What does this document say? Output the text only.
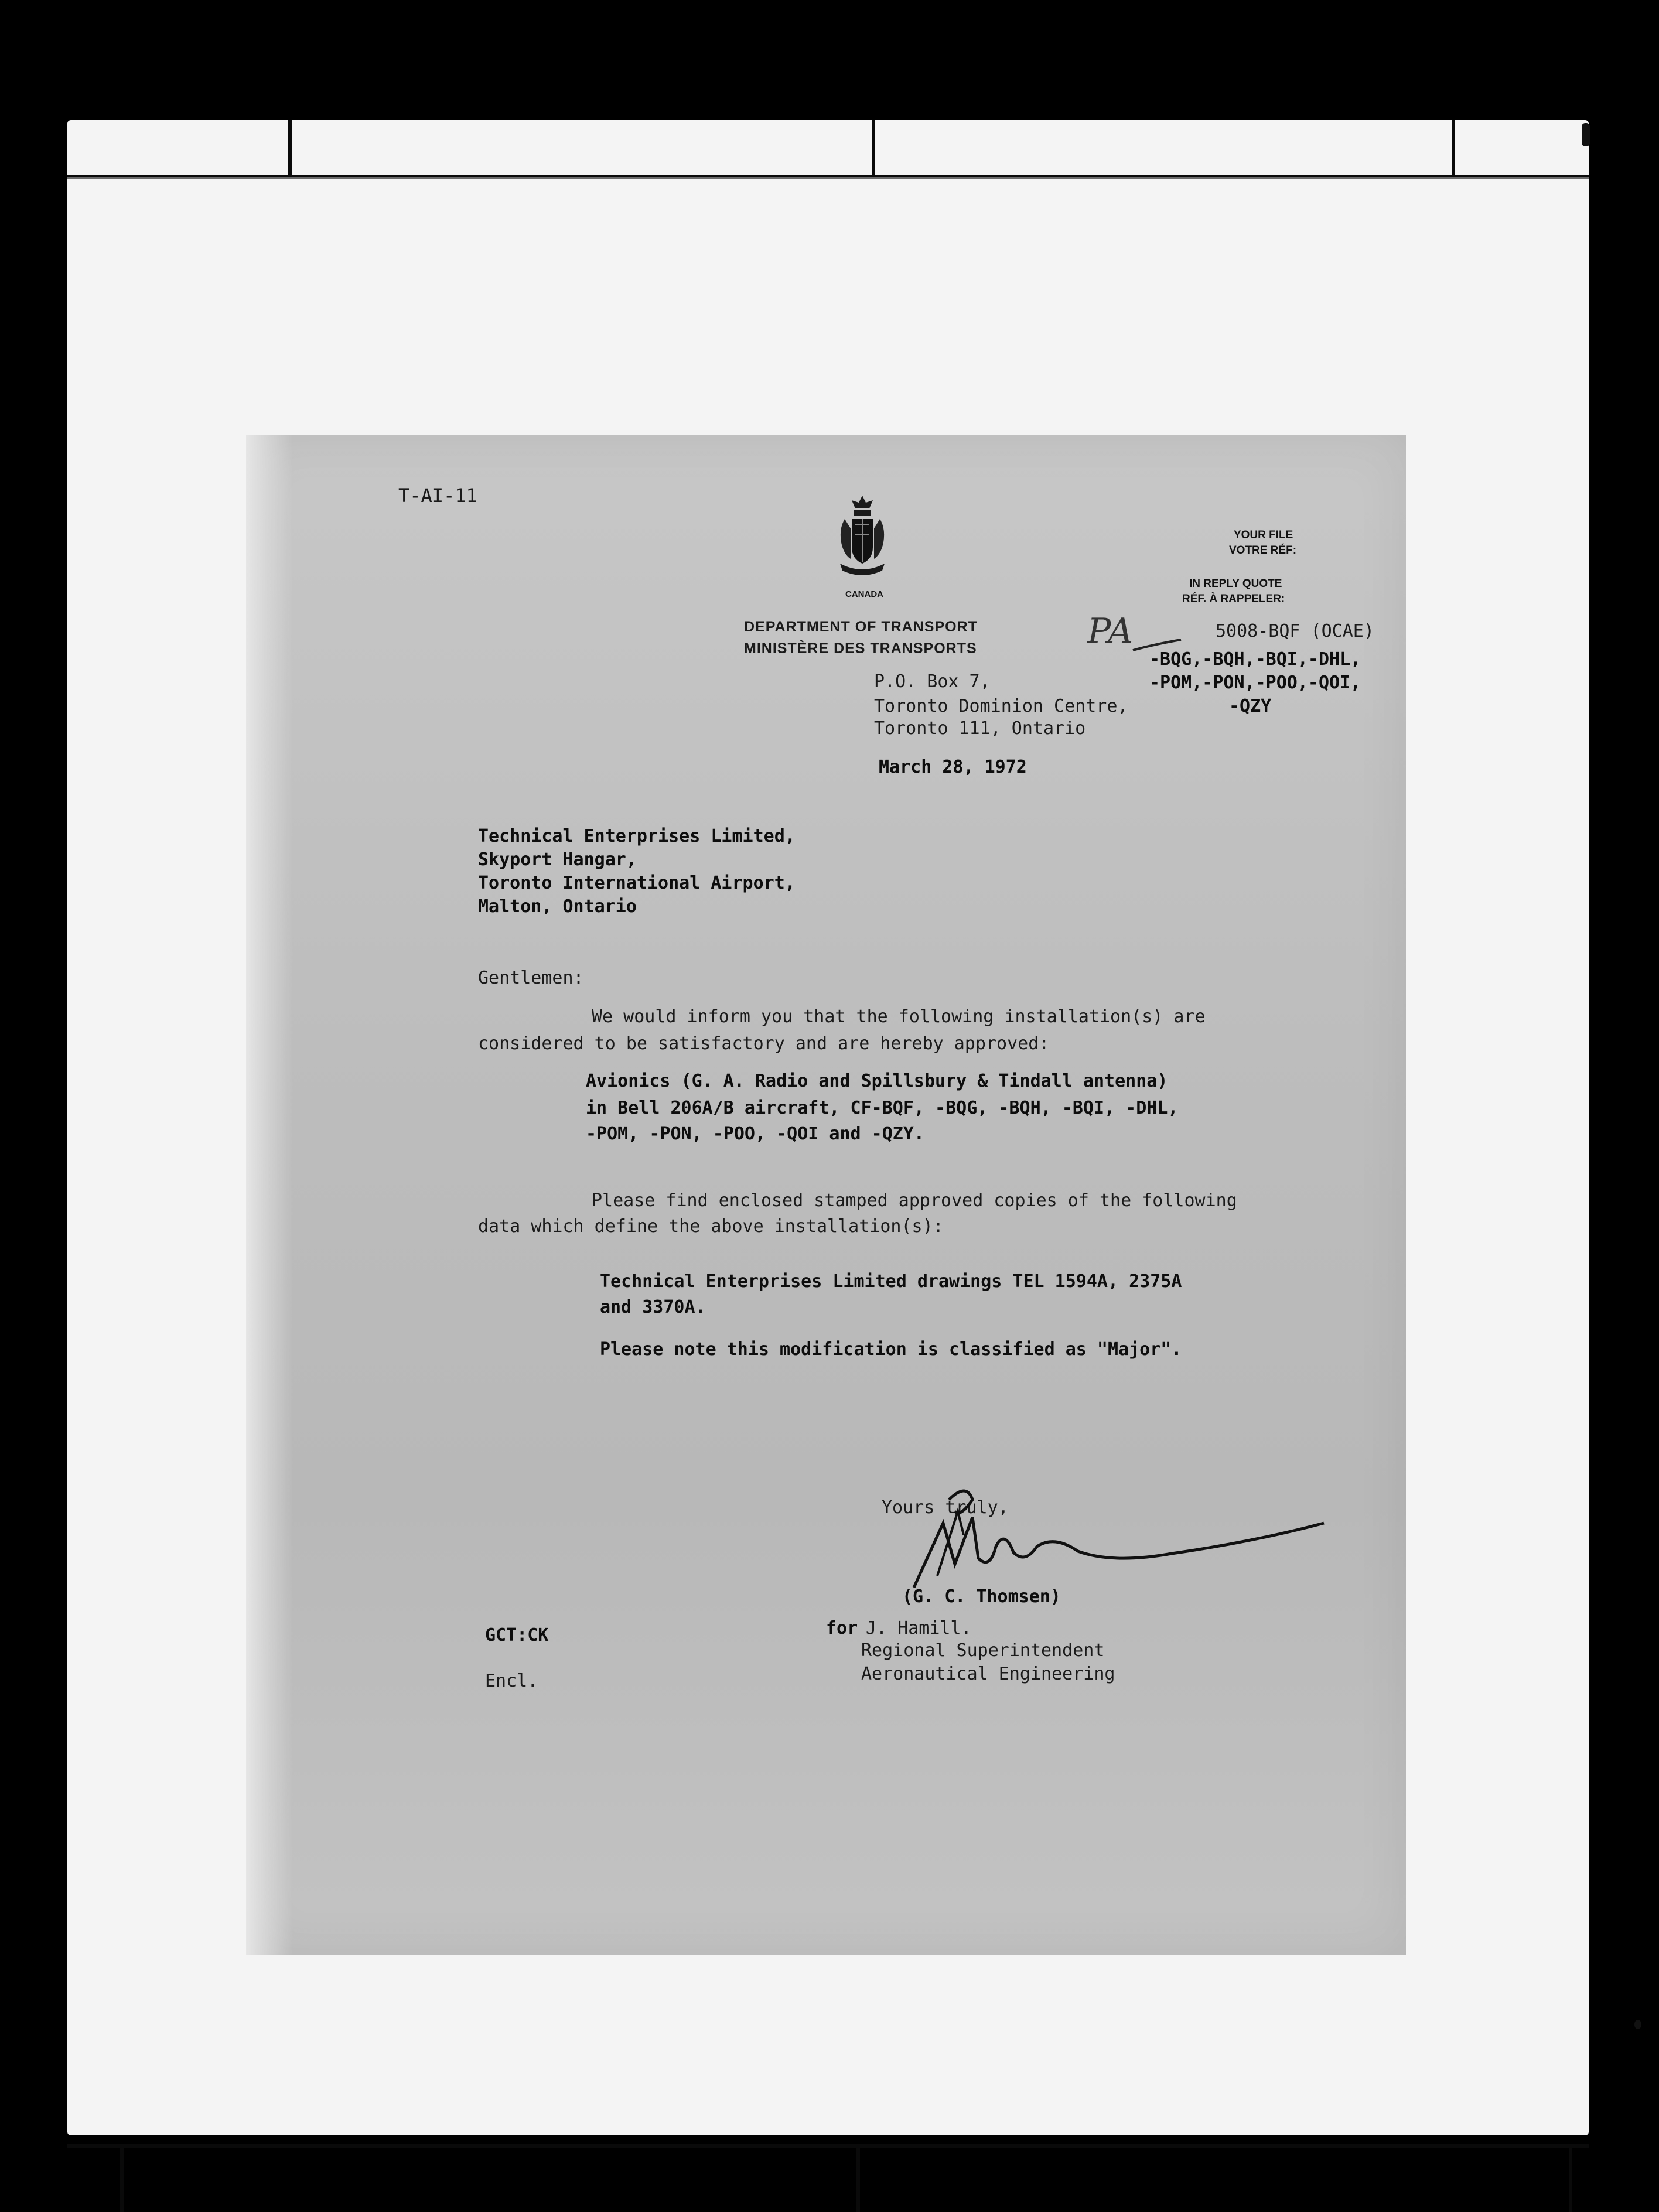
T-AI-11
CANADA
DEPARTMENT OF TRANSPORT
MINISTÈRE DES TRANSPORTS
YOUR FILE
VOTRE RÉF:
IN REPLY QUOTE
RÉF. À RAPPELER:
5008-BQF (OCAE)
-BQG,-BQH,-BQI,-DHL,
-POM,-PON,-POO,-QOI,
-QZY
PA
P.O. Box 7,
Toronto Dominion Centre,
Toronto 111, Ontario
March 28, 1972
Technical Enterprises Limited,
Skyport Hangar,
Toronto International Airport,
Malton, Ontario
Gentlemen:
We would inform you that the following installation(s) are
considered to be satisfactory and are hereby approved:
Avionics (G. A. Radio and Spillsbury & Tindall antenna)
in Bell 206A/B aircraft, CF-BQF, -BQG, -BQH, -BQI, -DHL,
-POM, -PON, -POO, -QOI and -QZY.
Please find enclosed stamped approved copies of the following
data which define the above installation(s):
Technical Enterprises Limited drawings TEL 1594A, 2375A
and 3370A.
Please note this modification is classified as "Major".
Yours truly,
(G. C. Thomsen)
for J. Hamill.
Regional Superintendent
Aeronautical Engineering
GCT:CK
Encl.
